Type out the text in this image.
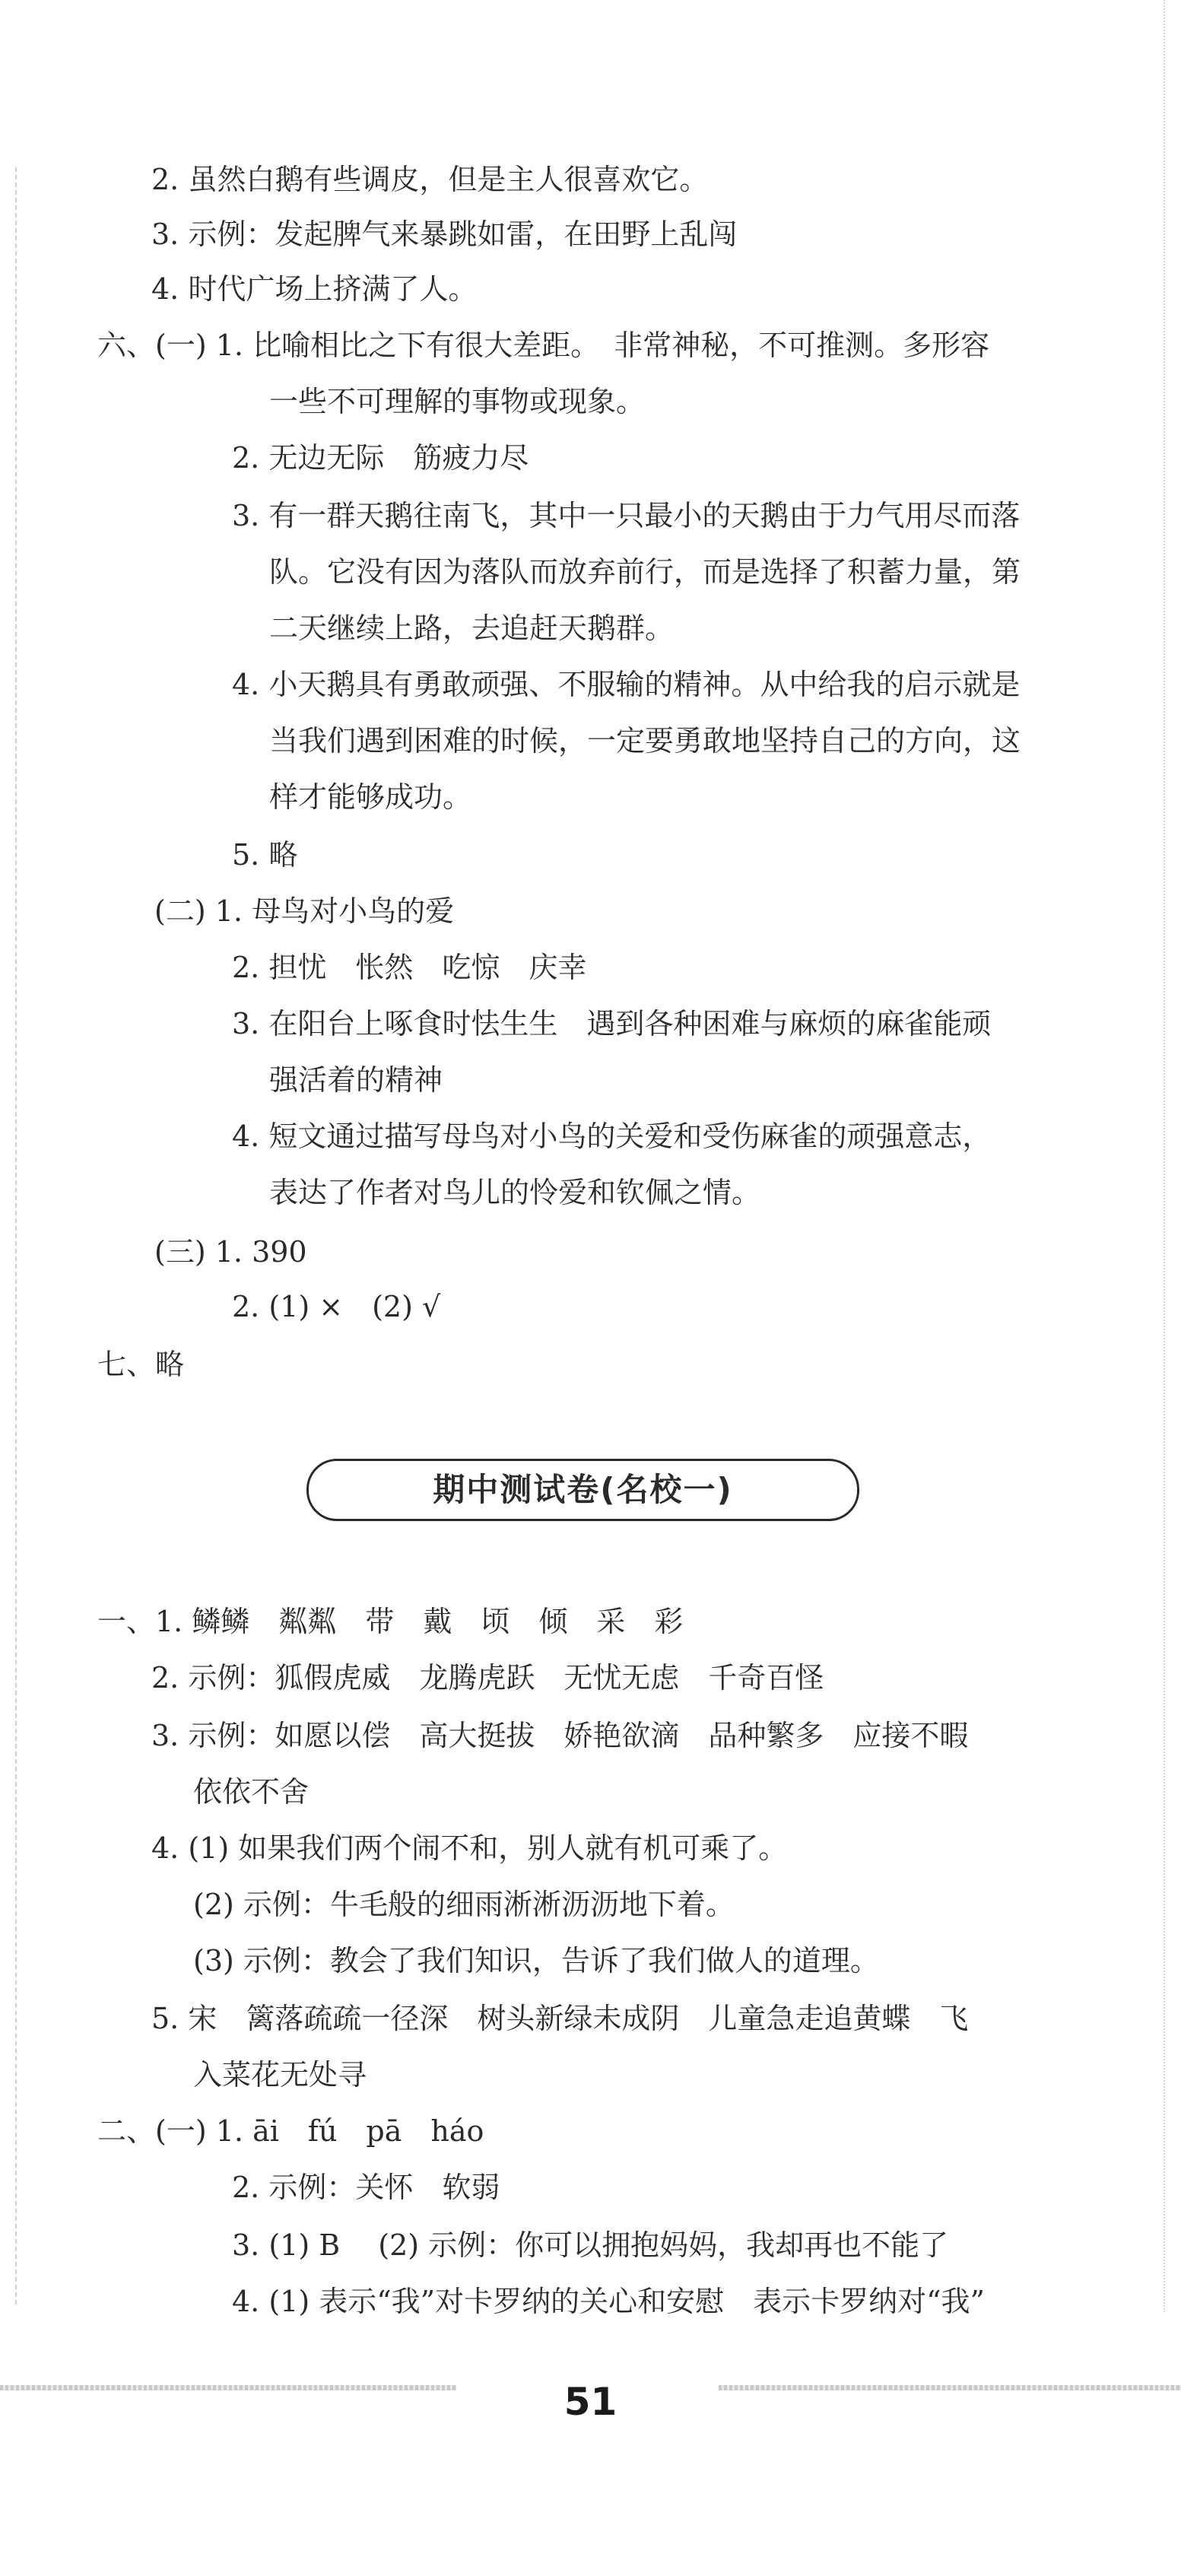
2. 虽然白鹅有些调皮，但是主人很喜欢它。
3. 示例：发起脾气来暴跳如雷，在田野上乱闯
4. 时代广场上挤满了人。
六、(一) 1. 比喻相比之下有很大差距。　非常神秘，不可推测。多形容
一些不可理解的事物或现象。
2. 无边无际　筋疲力尽
3. 有一群天鹅往南飞，其中一只最小的天鹅由于力气用尽而落
队。它没有因为落队而放弃前行，而是选择了积蓄力量，第
二天继续上路，去追赶天鹅群。
4. 小天鹅具有勇敢顽强、不服输的精神。从中给我的启示就是
当我们遇到困难的时候，一定要勇敢地坚持自己的方向，这
样才能够成功。
5. 略
(二) 1. 母鸟对小鸟的爱
2. 担忧　怅然　吃惊　庆幸
3. 在阳台上啄食时怯生生　遇到各种困难与麻烦的麻雀能顽
强活着的精神
4. 短文通过描写母鸟对小鸟的关爱和受伤麻雀的顽强意志，
表达了作者对鸟儿的怜爱和钦佩之情。
(三) 1. 390
2. (1) ×　(2) √
七、略
期中测试卷(名校一)
一、1. 鳞鳞　粼粼　带　戴　顷　倾　采　彩
2. 示例：狐假虎威　龙腾虎跃　无忧无虑　千奇百怪
3. 示例：如愿以偿　高大挺拔　娇艳欲滴　品种繁多　应接不暇
依依不舍
4. (1) 如果我们两个闹不和，别人就有机可乘了。
(2) 示例：牛毛般的细雨淅淅沥沥地下着。
(3) 示例：教会了我们知识，告诉了我们做人的道理。
5. 宋　篱落疏疏一径深　树头新绿未成阴　儿童急走追黄蝶　飞
入菜花无处寻
二、(一) 1. āi　fú　pā　háo
2. 示例：关怀　软弱
3. (1) B　 (2) 示例：你可以拥抱妈妈，我却再也不能了
4. (1) 表示“我”对卡罗纳的关心和安慰　表示卡罗纳对“我”
51
